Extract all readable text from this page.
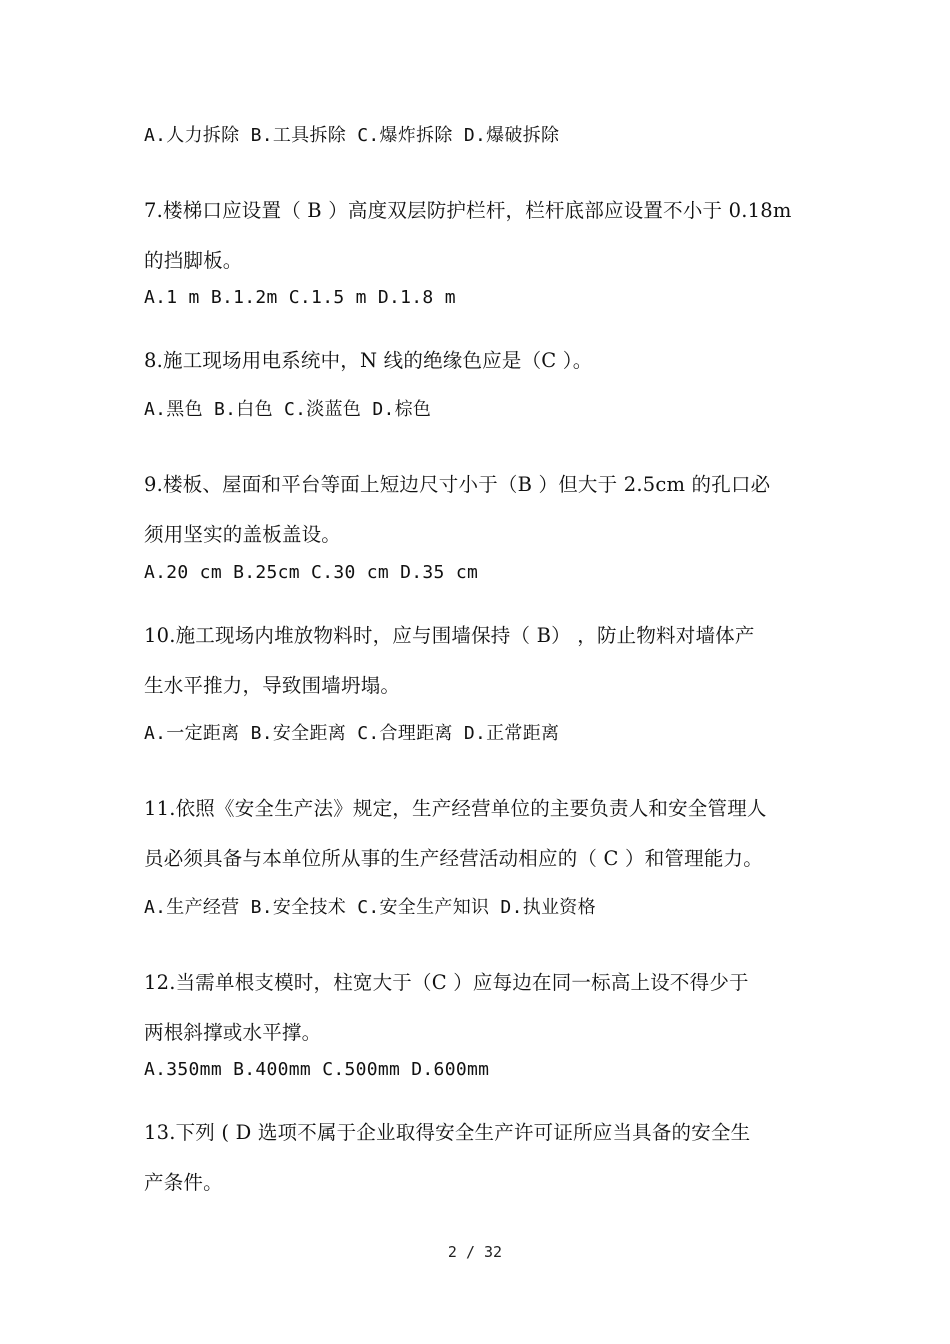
A.人力拆除 B.工具拆除 C.爆炸拆除 D.爆破拆除
7.楼梯口应设置（ B ）高度双层防护栏杆，栏杆底部应设置不小于 0.18m
的挡脚板。
A.1 m B.1.2m C.1.5 m D.1.8 m
8.施工现场用电系统中，N 线的绝缘色应是（C ）。
A.黑色 B.白色 C.淡蓝色 D.棕色
9.楼板、屋面和平台等面上短边尺寸小于（B ）但大于 2.5cm 的孔口必
须用坚实的盖板盖设。
A.20 cm B.25cm C.30 cm D.35 cm
10.施工现场内堆放物料时，应与围墙保持（ B） ，防止物料对墙体产
生水平推力，导致围墙坍塌。
A.一定距离 B.安全距离 C.合理距离 D.正常距离
11.依照《安全生产法》规定，生产经营单位的主要负责人和安全管理人
员必须具备与本单位所从事的生产经营活动相应的（ C ）和管理能力。
A.生产经营 B.安全技术 C.安全生产知识 D.执业资格
12.当需单根支模时，柱宽大于（C ）应每边在同一标高上设不得少于
两根斜撑或水平撑。
A.350mm B.400mm C.500mm D.600mm
13.下列 ( D 选项不属于企业取得安全生产许可证所应当具备的安全生
产条件。
2 / 32
